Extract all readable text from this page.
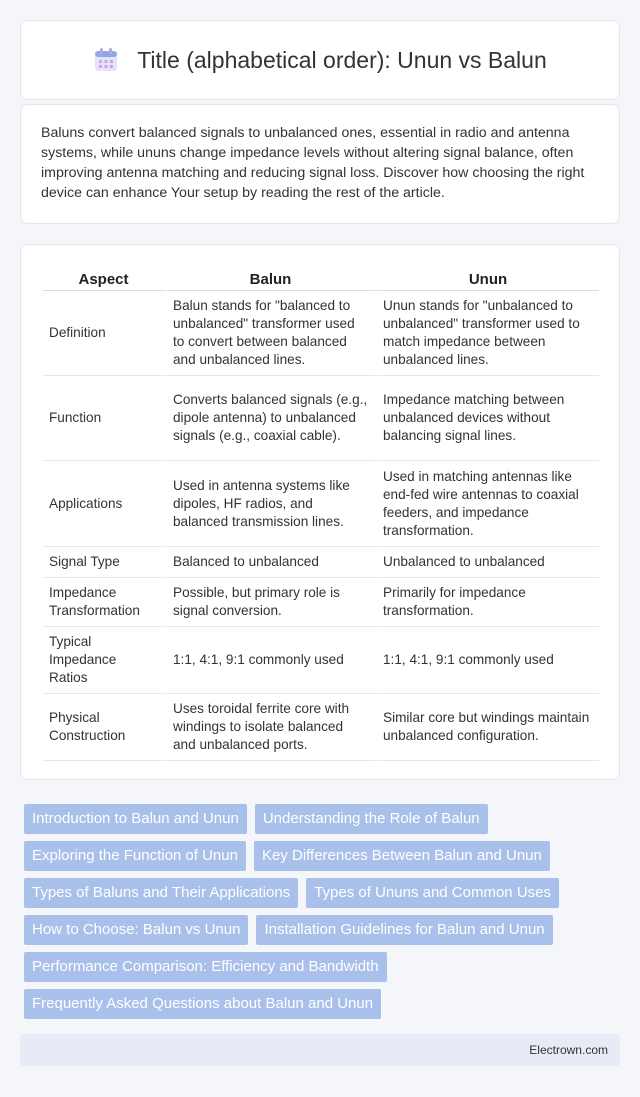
Title (alphabetical order): Unun vs Balun

Baluns convert balanced signals to unbalanced ones, essential in radio and antenna systems, while ununs change impedance levels without altering signal balance, often improving antenna matching and reducing signal loss. Discover how choosing the right device can enhance Your setup by reading the rest of the article.

Aspect	Balun	Unun
Definition	Balun stands for "balanced to unbalanced" transformer used to convert between balanced and unbalanced lines.	Unun stands for "unbalanced to unbalanced" transformer used to match impedance between unbalanced lines.
Function	Converts balanced signals (e.g., dipole antenna) to unbalanced signals (e.g., coaxial cable).	Impedance matching between unbalanced devices without balancing signal lines.
Applications	Used in antenna systems like dipoles, HF radios, and balanced transmission lines.	Used in matching antennas like end-fed wire antennas to coaxial feeders, and impedance transformation.
Signal Type	Balanced to unbalanced	Unbalanced to unbalanced
Impedance Transformation	Possible, but primary role is signal conversion.	Primarily for impedance transformation.
Typical Impedance Ratios	1:1, 4:1, 9:1 commonly used	1:1, 4:1, 9:1 commonly used
Physical Construction	Uses toroidal ferrite core with windings to isolate balanced and unbalanced ports.	Similar core but windings maintain unbalanced configuration.
Introduction to Balun and Unun	Understanding the Role of Balun
Exploring the Function of Unun	Key Differences Between Balun and Unun
Types of Baluns and Their Applications	Types of Ununs and Common Uses
How to Choose: Balun vs Unun	Installation Guidelines for Balun and Unun
Performance Comparison: Efficiency and Bandwidth
Frequently Asked Questions about Balun and Unun
Electrown.com
